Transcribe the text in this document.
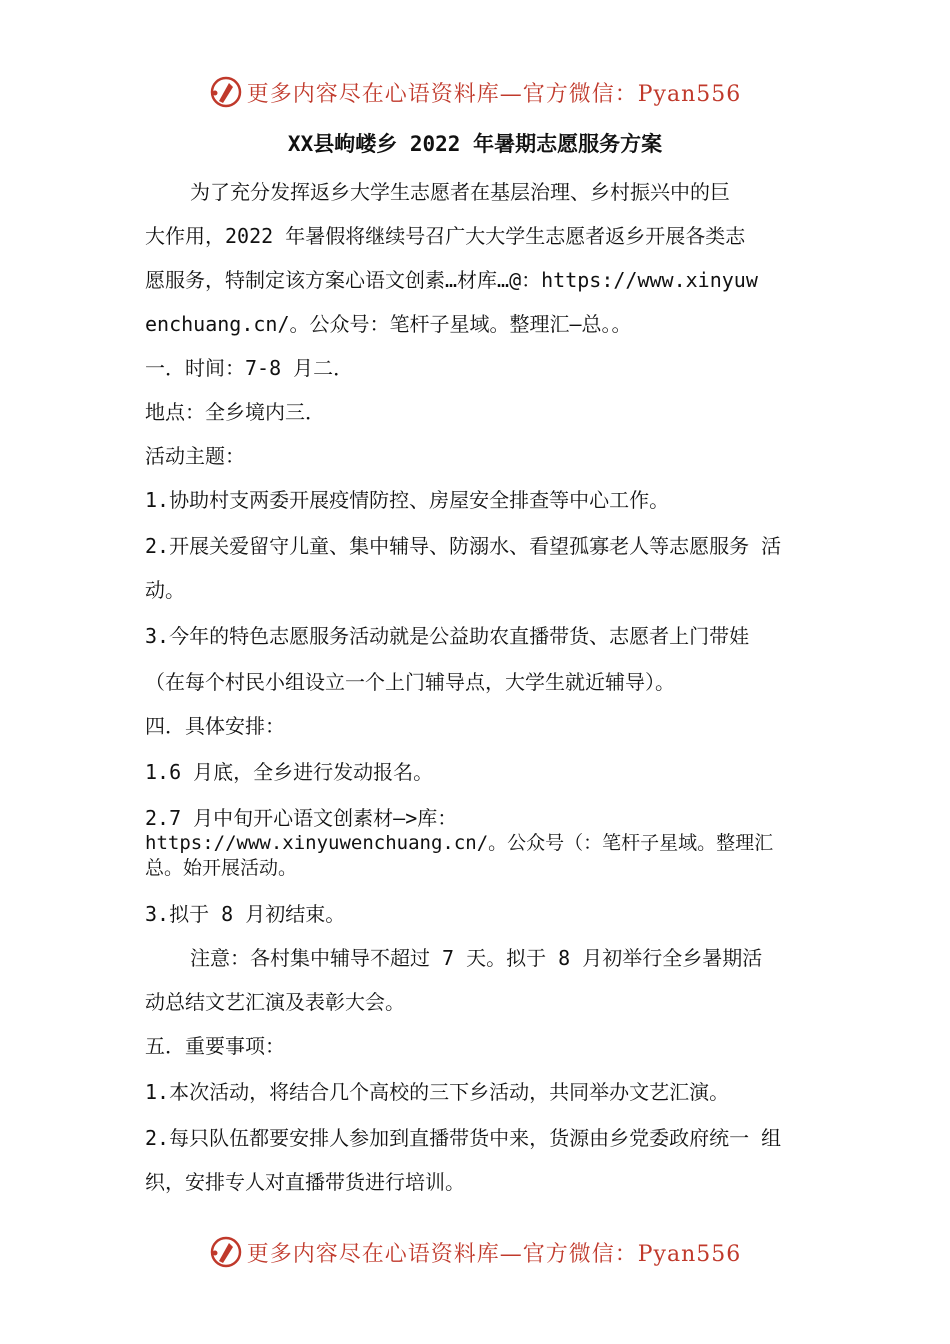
更多内容尽在心语资料库—官方微信：Pyan556
XX县岣嵝乡 2022 年暑期志愿服务方案
为了充分发挥返乡大学生志愿者在基层治理、乡村振兴中的巨
大作用，2022 年暑假将继续号召广大大学生志愿者返乡开展各类志
愿服务，特制定该方案心语文创素…材库…@：https://www.xinyuw
enchuang.cn/。公众号：笔杆子星域。整理汇—总。。
一．时间：7-8 月二．
地点：全乡境内三．
活动主题：
1.协助村支两委开展疫情防控、房屋安全排查等中心工作。
2.开展关爱留守儿童、集中辅导、防溺水、看望孤寡老人等志愿服务 活
动。
3.今年的特色志愿服务活动就是公益助农直播带货、志愿者上门带娃
（在每个村民小组设立一个上门辅导点，大学生就近辅导）。
四．具体安排：
1.6 月底，全乡进行发动报名。
2.7 月中旬开心语文创素材—>库：
https://www.xinyuwenchuang.cn/。公众号（：笔杆子星域。整理汇
总。始开展活动。
3.拟于 8 月初结束。
注意：各村集中辅导不超过 7 天。拟于 8 月初举行全乡暑期活
动总结文艺汇演及表彰大会。
五．重要事项：
1.本次活动，将结合几个高校的三下乡活动，共同举办文艺汇演。
2.每只队伍都要安排人参加到直播带货中来，货源由乡党委政府统一 组
织，安排专人对直播带货进行培训。
更多内容尽在心语资料库—官方微信：Pyan556
